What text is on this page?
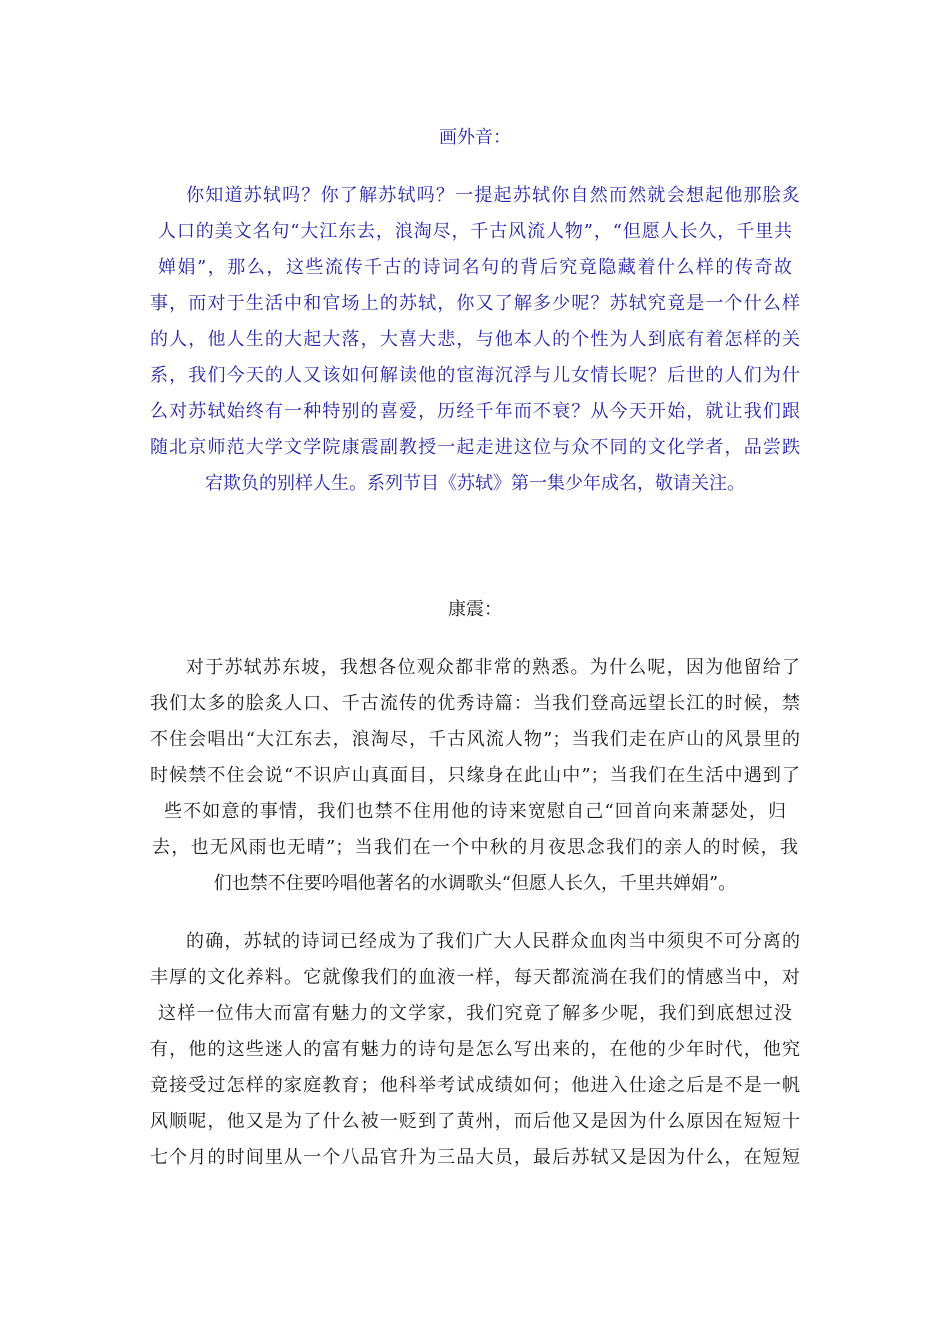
画外音：
你知道苏轼吗？你了解苏轼吗？一提起苏轼你自然而然就会想起他那脍炙
人口的美文名句“大江东去，浪淘尽，千古风流人物”，“但愿人长久，千里共
婵娟”，那么，这些流传千古的诗词名句的背后究竟隐藏着什么样的传奇故
事，而对于生活中和官场上的苏轼，你又了解多少呢？苏轼究竟是一个什么样
的人，他人生的大起大落，大喜大悲，与他本人的个性为人到底有着怎样的关
系，我们今天的人又该如何解读他的宦海沉浮与儿女情长呢？后世的人们为什
么对苏轼始终有一种特别的喜爱，历经千年而不衰？从今天开始，就让我们跟
随北京师范大学文学院康震副教授一起走进这位与众不同的文化学者，品尝跌
宕欺负的别样人生。系列节目《苏轼》第一集少年成名，敬请关注。
康震：
对于苏轼苏东坡，我想各位观众都非常的熟悉。为什么呢，因为他留给了
我们太多的脍炙人口、千古流传的优秀诗篇：当我们登高远望长江的时候，禁
不住会唱出“大江东去，浪淘尽，千古风流人物”；当我们走在庐山的风景里的
时候禁不住会说“不识庐山真面目，只缘身在此山中”；当我们在生活中遇到了
些不如意的事情，我们也禁不住用他的诗来宽慰自己“回首向来萧瑟处，归
去，也无风雨也无晴”；当我们在一个中秋的月夜思念我们的亲人的时候，我
们也禁不住要吟唱他著名的水调歌头“但愿人长久，千里共婵娟”。
的确，苏轼的诗词已经成为了我们广大人民群众血肉当中须臾不可分离的
丰厚的文化养料。它就像我们的血液一样，每天都流淌在我们的情感当中，对
这样一位伟大而富有魅力的文学家，我们究竟了解多少呢，我们到底想过没
有，他的这些迷人的富有魅力的诗句是怎么写出来的，在他的少年时代，他究
竟接受过怎样的家庭教育；他科举考试成绩如何；他进入仕途之后是不是一帆
风顺呢，他又是为了什么被一贬到了黄州，而后他又是因为什么原因在短短十
七个月的时间里从一个八品官升为三品大员，最后苏轼又是因为什么，在短短
